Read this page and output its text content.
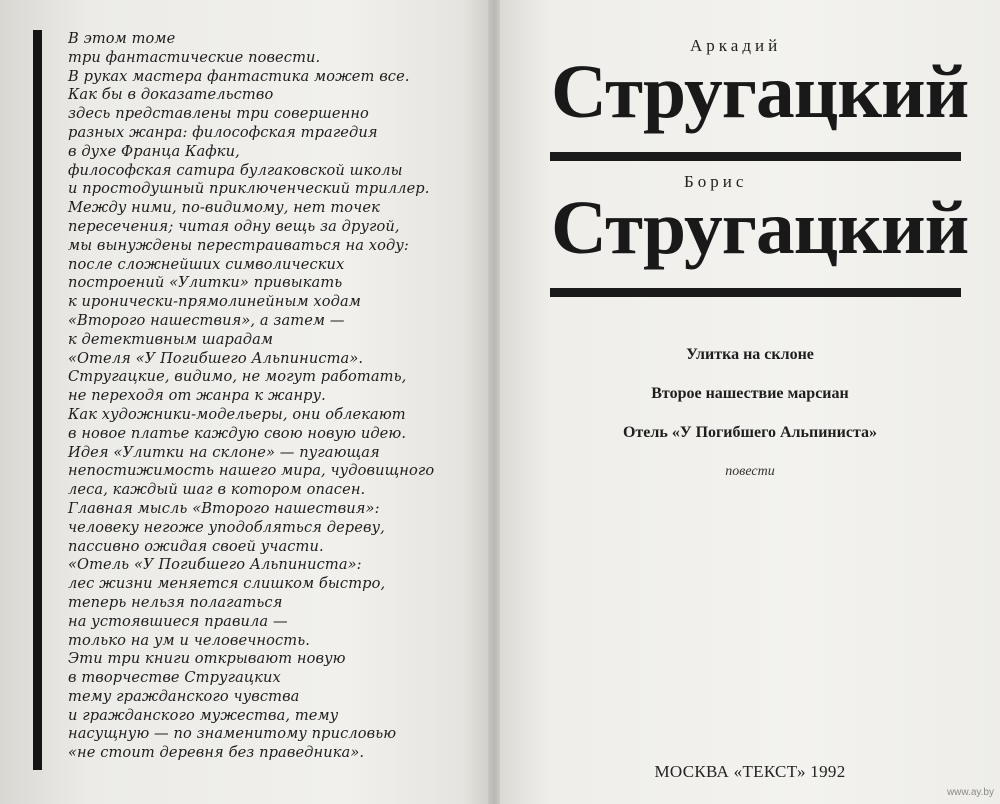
В этом томе
три фантастические повести.
В руках мастера фантастика может все.
Как бы в доказательство
здесь представлены три совершенно
разных жанра: философская трагедия
в духе Франца Кафки,
философская сатира булгаковской школы
и простодушный приключенческий триллер.
Между ними, по-видимому, нет точек
пересечения; читая одну вещь за другой,
мы вынуждены перестраиваться на ходу:
после сложнейших символических
построений «Улитки» привыкать
к иронически-прямолинейным ходам
«Второго нашествия», а затем —
к детективным шарадам
«Отеля «У Погибшего Альпиниста».
Стругацкие, видимо, не могут работать,
не переходя от жанра к жанру.
Как художники-модельеры, они облекают
в новое платье каждую свою новую идею.
Идея «Улитки на склоне» — пугающая
непостижимость нашего мира, чудовищного
леса, каждый шаг в котором опасен.
Главная мысль «Второго нашествия»:
человеку негоже уподобляться дереву,
пассивно ожидая своей участи.
«Отель «У Погибшего Альпиниста»:
лес жизни меняется слишком быстро,
теперь нельзя полагаться
на устоявшиеся правила —
только на ум и человечность.
Эти три книги открывают новую
в творчестве Стругацких
тему гражданского чувства
и гражданского мужества, тему
насущную — по знаменитому присловью
«не стоит деревня без праведника».
Аркадий
Стругацкий
Борис
Стругацкий
Улитка на склоне
Второе нашествие марсиан
Отель «У Погибшего Альпиниста»
повести
МОСКВА «ТЕКСТ» 1992
www.ay.by
